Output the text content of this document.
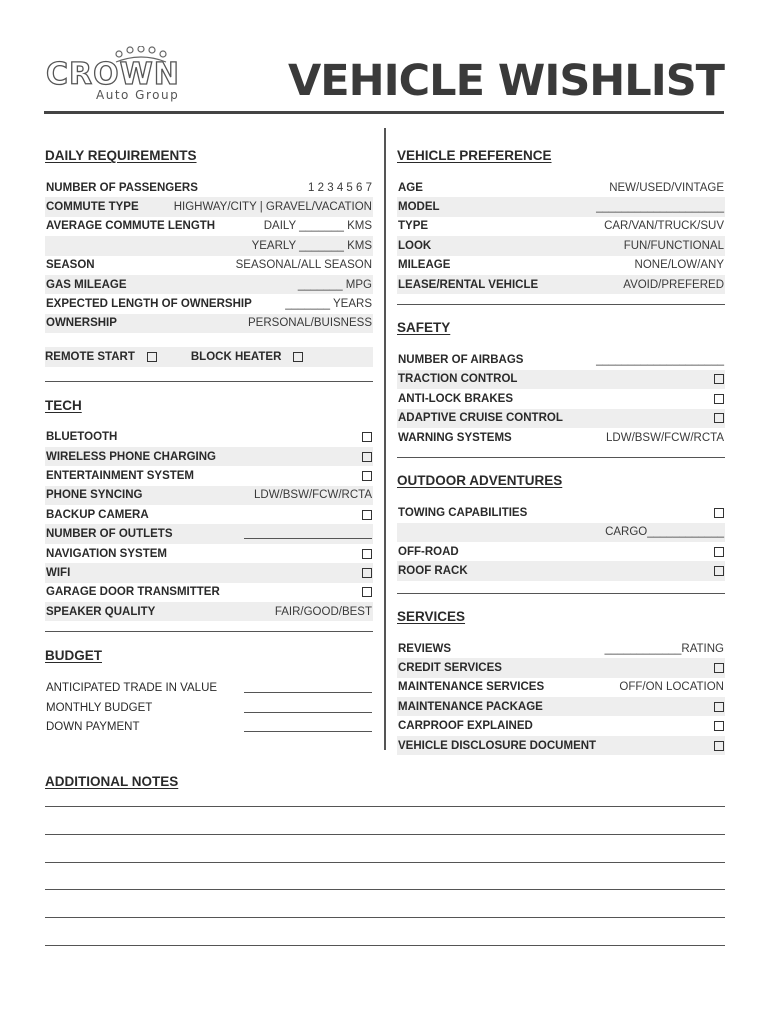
CROWN
Auto Group	VEHICLE WISHLIST
DAILY REQUIREMENTS
NUMBER OF PASSENGERS	1 2 3 4 5 6 7
COMMUTE TYPE	HIGHWAY/CITY | GRAVEL/VACATION
AVERAGE COMMUTE LENGTH	DAILY _______ KMS
YEARLY _______ KMS
SEASON	SEASONAL/ALL SEASON
GAS MILEAGE	_______ MPG
EXPECTED LENGTH OF OWNERSHIP	_______ YEARS
OWNERSHIP	PERSONAL/BUISNESS
REMOTE START	BLOCK HEATER
TECH
BLUETOOTH
WIRELESS PHONE CHARGING
ENTERTAINMENT SYSTEM
PHONE SYNCING	LDW/BSW/FCW/RCTA
BACKUP CAMERA
NUMBER OF OUTLETS
NAVIGATION SYSTEM
WIFI
GARAGE DOOR TRANSMITTER
SPEAKER QUALITY	FAIR/GOOD/BEST
BUDGET
ANTICIPATED TRADE IN VALUE
MONTHLY BUDGET
DOWN PAYMENT
VEHICLE PREFERENCE
AGE	NEW/USED/VINTAGE
MODEL	____________________
TYPE	CAR/VAN/TRUCK/SUV
LOOK	FUN/FUNCTIONAL
MILEAGE	NONE/LOW/ANY
LEASE/RENTAL VEHICLE	AVOID/PREFERED
SAFETY
NUMBER OF AIRBAGS	____________________
TRACTION CONTROL
ANTI-LOCK BRAKES
ADAPTIVE CRUISE CONTROL
WARNING SYSTEMS	LDW/BSW/FCW/RCTA
OUTDOOR ADVENTURES
TOWING CAPABILITIES
CARGO____________
OFF-ROAD
ROOF RACK
SERVICES
REVIEWS	____________RATING
CREDIT SERVICES
MAINTENANCE SERVICES	OFF/ON LOCATION
MAINTENANCE PACKAGE
CARPROOF EXPLAINED
VEHICLE DISCLOSURE DOCUMENT
ADDITIONAL NOTES
